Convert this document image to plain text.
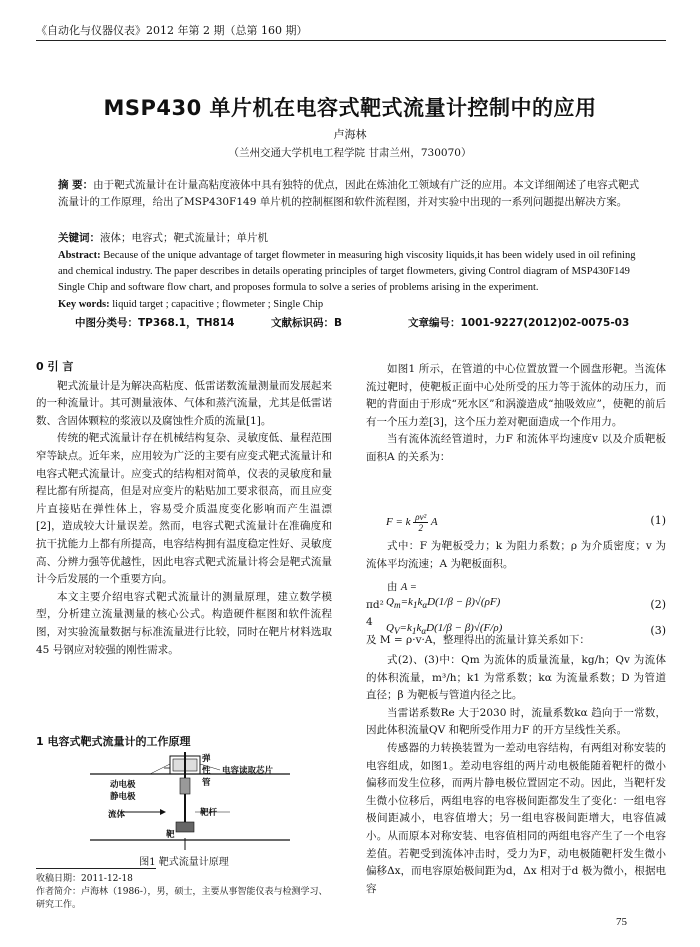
《自动化与仪器仪表》2012 年第 2 期（总第 160 期）
MSP430 单片机在电容式靶式流量计控制中的应用
卢海林
（兰州交通大学机电工程学院 甘肃兰州，730070）
摘 要：由于靶式流量计在计量高粘度液体中具有独特的优点，因此在炼油化工领域有广泛的应用。本文详细阐述了电容式靶式流量计的工作原理，给出了MSP430F149 单片机的控制框图和软件流程图，并对实验中出现的一系列问题提出解决方案。
关键词：液体；电容式；靶式流量计；单片机
Abstract: Because of the unique advantage of target flowmeter in measuring high viscosity liquids,it has been widely used in oil refining and chemical industry. The paper describes in details operating principles of target flowmeters, giving Control diagram of MSP430F149 Single Chip and software flow chart, and proposes formula to solve a series of problems arising in the experiment.
Key words: liquid target ; capacitive ; flowmeter ; Single Chip
中图分类号：TP368.1，TH814	文献标识码：B	文章编号：1001-9227(2012)02-0075-03

0 引 言

靶式流量计是为解决高粘度、低雷诺数流量测量而发展起来的一种流量计。其可测量液体、气体和蒸汽流量，尤其是低雷诺数、含固体颗粒的浆液以及腐蚀性介质的流量[1]。

传统的靶式流量计存在机械结构复杂、灵敏度低、量程范围窄等缺点。近年来，应用较为广泛的主要有应变式靶式流量计和电容式靶式流量计。应变式的结构相对简单，仪表的灵敏度和量程比都有所提高，但是对应变片的粘贴加工要求很高，而且应变片直接贴在弹性体上，容易受介质温度变化影响而产生温漂[2]，造成较大计量误差。然而，电容式靶式流量计在准确度和抗干扰能力上都有所提高，电容结构拥有温度稳定性好、灵敏度高、分辨力强等优越性，因此电容式靶式流量计将会是靶式流量计今后发展的一个重要方向。

本文主要介绍电容式靶式流量计的测量原理，建立数学模型，分析建立流量测量的核心公式。构造硬件框图和软件流程图，对实验流量数据与标准流量进行比较，同时在靶片材料选取45 号钢应对较强的刚性需求。

1 电容式靶式流量计的工作原理
动电极
静电极
弹
性
管
电容读取芯片
流体	靶杆
靶
图1 靶式流量计原理
收稿日期：2011-12-18
作者简介：卢海林（1986-），男，硕士，主要从事智能仪表与检测学习、研究工作。

如图1 所示，在管道的中心位置放置一个圆盘形靶。当流体流过靶时，使靶板正面中心处所受的压力等于流体的动压力，而靶的背面由于形成“死水区”和涡漩造成“抽吸效应”，使靶的前后有一个压力差[3]，这个压力差对靶面造成一个作用力。

当有流体流经管道时，力F 和流体平均速度v 以及介质靶板面积A 的关系为：

F = k $\frac{\text{ρv²}}{2}$ A	(1)

式中：F 为靶板受力；k 为阻力系数；ρ 为介质密度；v 为流体平均流速；A 为靶板面积。

由 A =

πd²
4
及 M = ρ·v·A，整理得出的流量计算关系如下：

$Q_m=k_1k_\alpha D(1/\beta - \beta)√(\rho F)$	(2)
$Q_V=k_1k_\alpha D(1/\beta - \beta)√(F/\rho)$	(3)

式(2)、(3)中：Qm 为流体的质量流量，kg/h；Qv 为流体的体积流量，m³/h；k1 为常系数；kα 为流量系数；D 为管道直径；β 为靶板与管道内径之比。

当雷诺系数Re 大于2030 时，流量系数kα 趋向于一常数，因此体积流量QV 和靶所受作用力F 的开方呈线性关系。

传感器的力转换装置为一差动电容结构，有两组对称安装的电容组成，如图1。差动电容组的两片动电极能随着靶杆的微小偏移而发生位移，而两片静电极位置固定不动。因此，当靶杆发生微小位移后，两组电容的电容极间距都发生了变化：一组电容极间距减小，电容值增大；另一组电容极间距增大，电容值减小。从而原本对称安装、电容值相同的两组电容产生了一个电容差值。若靶受到流体冲击时，受力为F，动电极随靶杆发生微小偏移Δx，而电容原始极间距为d，Δx 相对于d 极为微小，根据电容

75
